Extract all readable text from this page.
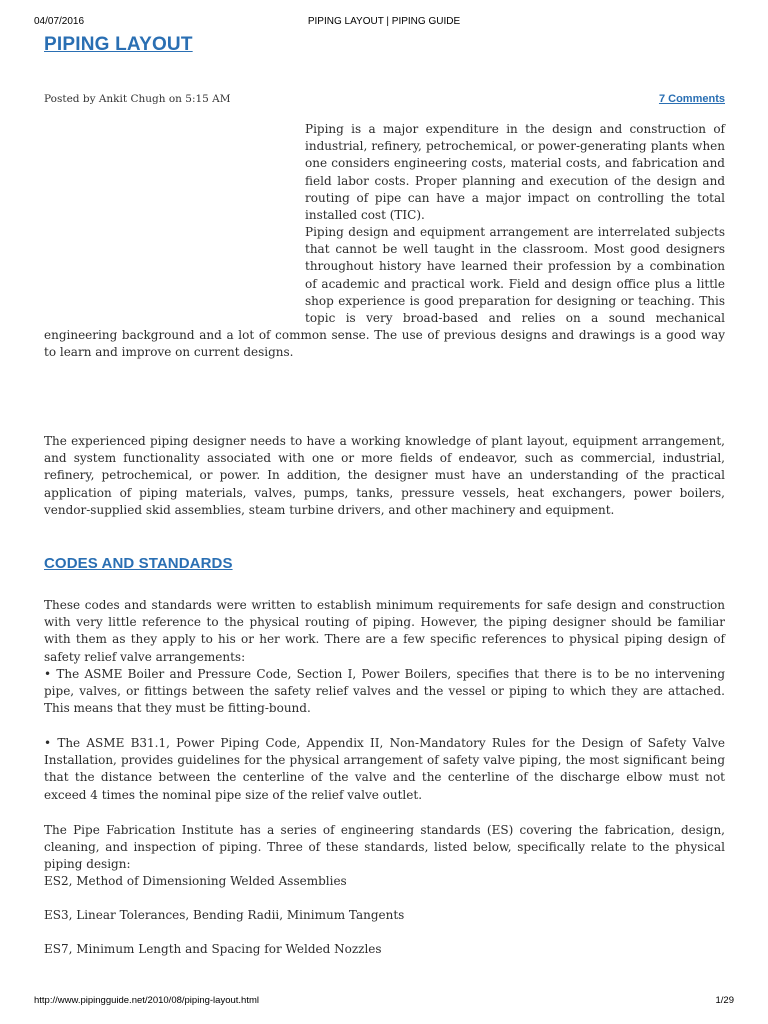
04/07/2016	PIPING LAYOUT | PIPING GUIDE
PIPING LAYOUT
Posted by Ankit Chugh on 5:15 AM	7 Comments

Piping is a major expenditure in the design and construction of industrial, refinery, petrochemical, or power-generating plants when one considers engineering costs, material costs, and fabrication and field labor costs. Proper planning and execution of the design and routing of pipe can have a major impact on controlling the total installed cost (TIC).

Piping design and equipment arrangement are interrelated subjects that cannot be well taught in the classroom. Most good designers throughout history have learned their profession by a combination of academic and practical work. Field and design office plus a little shop experience is good preparation for designing or teaching. This topic is very broad-based and relies on a sound mechanical engineering background and a lot of common sense. The use of previous designs and drawings is a good way to learn and improve on current designs.

The experienced piping designer needs to have a working knowledge of plant layout, equipment arrangement, and system functionality associated with one or more fields of endeavor, such as commercial, industrial, refinery, petrochemical, or power. In addition, the designer must have an understanding of the practical application of piping materials, valves, pumps, tanks, pressure vessels, heat exchangers, power boilers, vendor-supplied skid assemblies, steam turbine drivers, and other machinery and equipment.

CODES AND STANDARDS

These codes and standards were written to establish minimum requirements for safe design and construction with very little reference to the physical routing of piping. However, the piping designer should be familiar with them as they apply to his or her work. There are a few specific references to physical piping design of safety relief valve arrangements:

• The ASME Boiler and Pressure Code, Section I, Power Boilers, specifies that there is to be no intervening pipe, valves, or fittings between the safety relief valves and the vessel or piping to which they are attached. This means that they must be fitting-bound.

• The ASME B31.1, Power Piping Code, Appendix II, Non-Mandatory Rules for the Design of Safety Valve Installation, provides guidelines for the physical arrangement of safety valve piping, the most significant being that the distance between the centerline of the valve and the centerline of the discharge elbow must not exceed 4 times the nominal pipe size of the relief valve outlet.

The Pipe Fabrication Institute has a series of engineering standards (ES) covering the fabrication, design, cleaning, and inspection of piping. Three of these standards, listed below, specifically relate to the physical piping design:

ES2, Method of Dimensioning Welded Assemblies

ES3, Linear Tolerances, Bending Radii, Minimum Tangents

ES7, Minimum Length and Spacing for Welded Nozzles

http://www.pipingguide.net/2010/08/piping-layout.html	1/29
